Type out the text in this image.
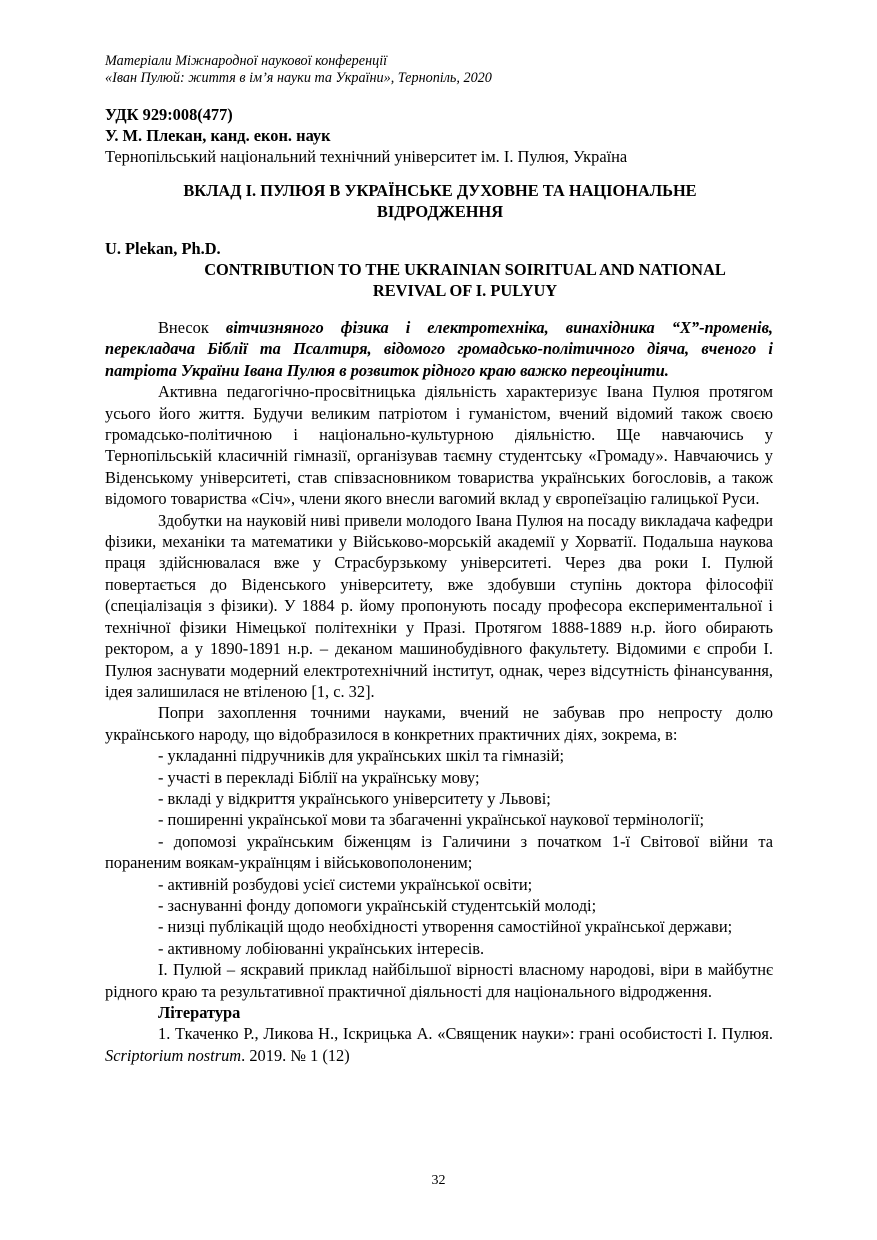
Матеріали Міжнародної наукової конференції
«Іван Пулюй: життя в ім’я науки та України», Тернопіль, 2020
УДК 929:008(477)
У. М. Плекан, канд. екон. наук
Тернопільський національний технічний університет ім. І. Пулюя, Україна
ВКЛАД І. ПУЛЮЯ В УКРАЇНСЬКЕ ДУХОВНЕ ТА НАЦІОНАЛЬНЕ
ВІДРОДЖЕННЯ
U. Plekan, Ph.D.
CONTRIBUTION TO THE UKRAINIAN SOIRITUAL AND NATIONAL
REVIVAL OF I. PULYUY

Внесок вітчизняного фізика і електротехніка, винахідника “X”-променів, перекладача Біблії та Псалтиря, відомого громадсько-політичного діяча, вченого і патріота України Івана Пулюя в розвиток рідного краю важко переоцінити.

Активна педагогічно-просвітницька діяльність характеризує Івана Пулюя протягом усього його життя. Будучи великим патріотом і гуманістом, вчений відомий також своєю громадсько-політичною і національно-культурною діяльністю. Ще навчаючись у Тернопільській класичній гімназії, організував таємну студентську «Громаду». Навчаючись у Віденському університеті, став співзасновником товариства українських богословів, а також відомого товариства «Січ», члени якого внесли вагомий вклад у європеїзацію галицької Руси.

Здобутки на науковій ниві привели молодого Івана Пулюя на посаду викладача кафедри фізики, механіки та математики у Військово-морській академії у Хорватії. Подальша наукова праця здійснювалася вже у Страсбурзькому університеті. Через два роки І. Пулюй повертається до Віденського університету, вже здобувши ступінь доктора філософії (спеціалізація з фізики). У 1884 р. йому пропонують посаду професора експериментальної і технічної фізики Німецької політехніки у Празі. Протягом 1888-1889 н.р. його обирають ректором, а у 1890-1891 н.р. – деканом машинобудівного факультету. Відомими є спроби І. Пулюя заснувати модерний електротехнічний інститут, однак, через відсутність фінансування, ідея залишилася не втіленою [1, с. 32].

Попри захоплення точними науками, вчений не забував про непросту долю українського народу, що відобразилося в конкретних практичних діях, зокрема, в:

- укладанні підручників для українських шкіл та гімназій;
- участі в перекладі Біблії на українську мову;
- вкладі у відкриття українського університету у Львові;
- поширенні української мови та збагаченні української наукової термінології;
- допомозі українським біженцям із Галичини з початком 1-ї Світової війни та пораненим воякам-українцям і військовополоненим;
- активній розбудові усієї системи української освіти;
- заснуванні фонду допомоги українській студентській молоді;
- низці публікацій щодо необхідності утворення самостійної української держави;
- активному лобіюванні українських інтересів.

І. Пулюй – яскравий приклад найбільшої вірності власному народові, віри в майбутнє рідного краю та результативної практичної діяльності для національного відродження.

Література

1. Ткаченко Р., Ликова Н., Іскрицька А. «Священик науки»: грані особистості І. Пулюя. Scriptorium nostrum. 2019. № 1 (12)

32
